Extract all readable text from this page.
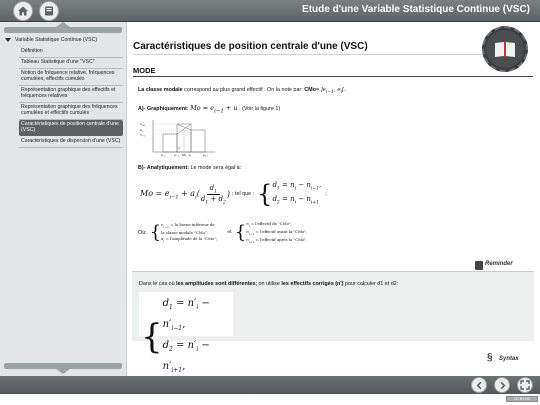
Etude d'une Variable Statistique Continue (VSC)
Variable Statistique Continue (VSC)
Définition
Tableau Statistique d'une "VSC"
Notion de fréquence relative, fréquences cumulées, effectifs cumulés
Représentation graphique des effectifs et fréquences relatives
Représentation graphique des fréquences cumulées et effectifs cumulés
Caractéristiques de position centrale d'une (VSC)
Caractéristiques de dispersion d'une (VSC)
Caractéristiques de position centrale d'une (VSC)
MODE
La classe modale correspond au plus grand effectif . On la note par: $CMo= ]e_{i-1}$, $e_i$[.
A)- Graphiquement: $Mo = e_{i-1} + u$ . (Voir la figure 1)
$n_{i+1}$
$n_i$
$n_{i-1}$
$e_{i-2}$	$e_{i-1}$	Mo $e_i$	$e_{i+1}$
u
B)- Analytiquement: Le mode sera égal à:
$Mo = e_{i-1} + a_i( \frac{d_1}{d_1 + d_2}$ ) ; tel que : { $d_1 = n_i - n_{i-1}$,
$d_2 = n_i - n_{i+1}$
;
Où: { $e_{i-1}$ = la borne inférieur de
la classe modale "CMo",
$a_i$ = l'amplitude de la "CMo";
et { $n_i$ = l'effectif de "CMo",
$n_{i-1}$ = l'effectif avant la "CMo",
$n_{i+1}$ = l'effectif après la "CMo".
Reminder
Dans le cas où les amplitudes sont différentes; on utilise les effectifs corrigés (n') pour calculer d1 et d2:
{
$d_1 = n'_i - n'_{i-1}$,
$d_2 = n'_i - n'_{i+1}$,
§ Syntax
CC BY-NC
